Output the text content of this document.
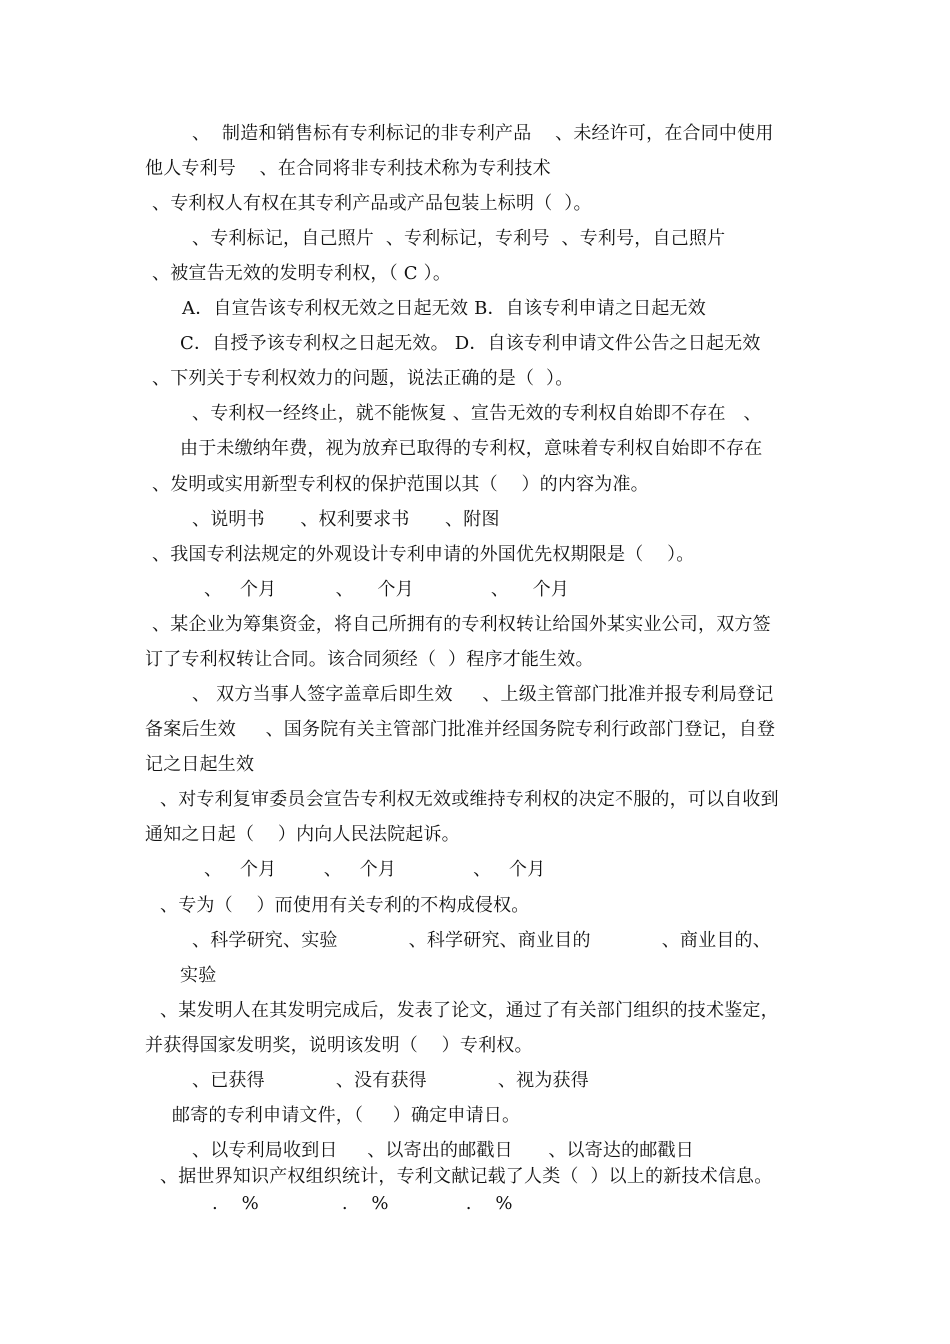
、  制造和销售标有专利标记的非专利产品    、未经许可，在合同中使用
他人专利号    、在合同将非专利技术称为专利技术
、专利权人有权在其专利产品或产品包装上标明（  ）。
、专利标记，自己照片  、专利标记，专利号  、专利号，自己照片
、被宣告无效的发明专利权，（ C ）。
A．自宣告该专利权无效之日起无效 B．自该专利申请之日起无效
C．自授予该专利权之日起无效。 D．自该专利申请文件公告之日起无效
、下列关于专利权效力的问题，说法正确的是（  ）。
、专利权一经终止，就不能恢复 、宣告无效的专利权自始即不存在   、
由于未缴纳年费，视为放弃已取得的专利权，意味着专利权自始即不存在
、发明或实用新型专利权的保护范围以其（    ）的内容为准。
、说明书      、权利要求书      、附图
、我国专利法规定的外观设计专利申请的外国优先权期限是（    ）。
、   个月          、    个月             、    个月
、某企业为筹集资金，将自己所拥有的专利权转让给国外某实业公司，双方签
订了专利权转让合同。该合同须经（  ）程序才能生效。
、 双方当事人签字盖章后即生效     、上级主管部门批准并报专利局登记
备案后生效     、国务院有关主管部门批准并经国务院专利行政部门登记，自登
记之日起生效
、对专利复审委员会宣告专利权无效或维持专利权的决定不服的，可以自收到
通知之日起（    ）内向人民法院起诉。
、   个月        、   个月             、   个月
、专为（    ）而使用有关专利的不构成侵权。
、科学研究、实验            、科学研究、商业目的            、商业目的、
实验
、某发明人在其发明完成后，发表了论文，通过了有关部门组织的技术鉴定，
并获得国家发明奖，说明该发明（    ）专利权。
、已获得            、没有获得            、视为获得
邮寄的专利申请文件，（     ）确定申请日。
、以专利局收到日     、以寄出的邮戳日      、以寄达的邮戳日
、据世界知识产权组织统计，专利文献记载了人类（  ）以上的新技术信息。
.    %              .    %             .    %
